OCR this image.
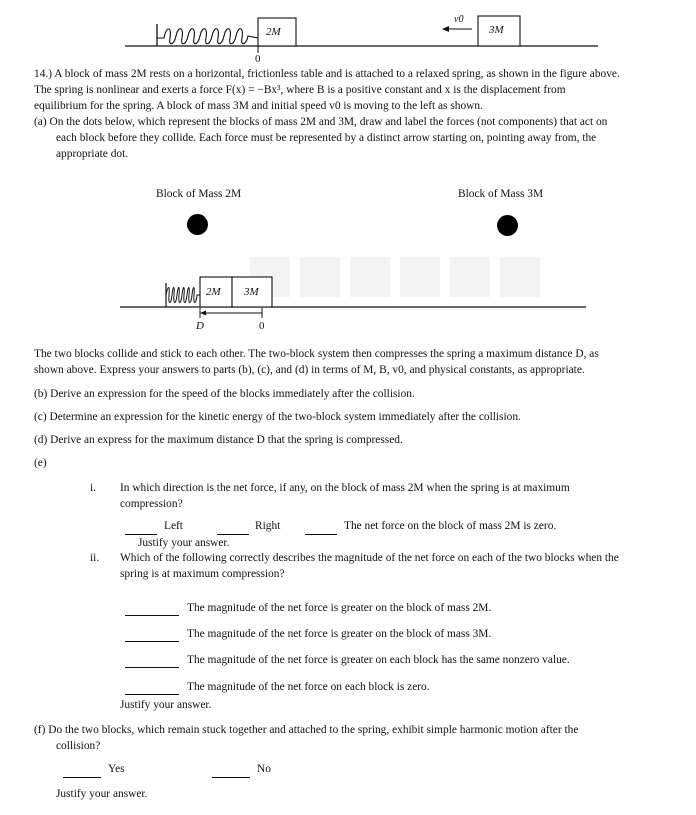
2M	3M
v0
0
14.) A block of mass 2M rests on a horizontal, frictionless table and is attached to a relaxed spring, as shown in the figure above.
The spring is nonlinear and exerts a force F(x) = −Bx³, where B is a positive constant and x is the displacement from
equilibrium for the spring. A block of mass 3M and initial speed v0 is moving to the left as shown.
(a) On the dots below, which represent the blocks of mass 2M and 3M, draw and label the forces (not components) that act on
each block before they collide. Each force must be represented by a distinct arrow starting on, pointing away from, the
appropriate dot.
Block of Mass 2M	Block of Mass 3M
2M 3M
D	0
The two blocks collide and stick to each other. The two-block system then compresses the spring a maximum distance D, as
shown above. Express your answers to parts (b), (c), and (d) in terms of M, B, v0, and physical constants, as appropriate.
(b) Derive an expression for the speed of the blocks immediately after the collision.
(c) Determine an expression for the kinetic energy of the two-block system immediately after the collision.
(d) Derive an express for the maximum distance D that the spring is compressed.
(e)
i. In which direction is the net force, if any, on the block of mass 2M when the spring is at maximum
compression?
Left	Right	The net force on the block of mass 2M is zero.
Justify your answer.
ii. Which of the following correctly describes the magnitude of the net force on each of the two blocks when the
spring is at maximum compression?
The magnitude of the net force is greater on the block of mass 2M.
The magnitude of the net force is greater on the block of mass 3M.
The magnitude of the net force is greater on each block has the same nonzero value.
The magnitude of the net force on each block is zero.
Justify your answer.
(f) Do the two blocks, which remain stuck together and attached to the spring, exhibit simple harmonic motion after the
collision?
Yes	No
Justify your answer.
